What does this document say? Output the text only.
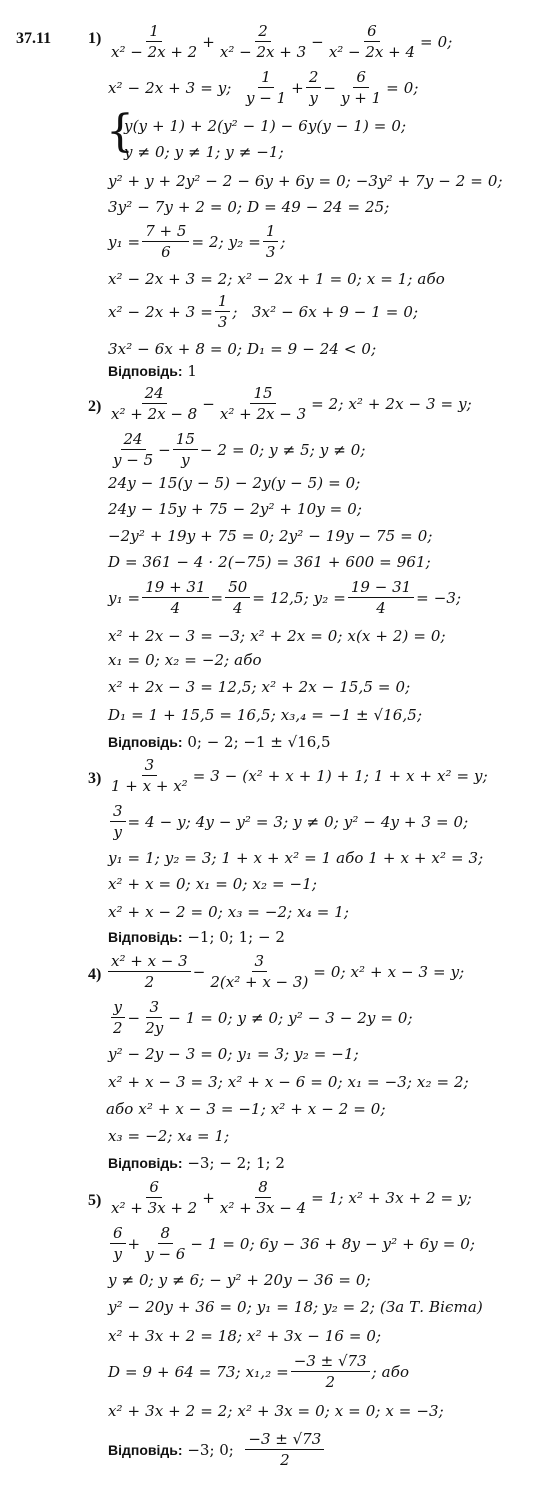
37.11 $1) \frac{1}{\text{x² − 2x + 2}} + \frac{2}{\text{x² − 2x + 3}} - \frac{6}{\text{x² − 2x + 4}} = 0$;
x² − 2x + 3 = y;
$\frac{1}{y - 1} + \frac{2}{y} - \frac{6}{y + 1} = 0$;
{
y(y + 1) + 2(y² − 1) − 6y(y − 1) = 0;
y ≠ 0; y ≠ 1; y ≠ −1;
y² + y + 2y² − 2 − 6y + 6y = 0; −3y² + 7y − 2 = 0;
3y² − 7y + 2 = 0; D = 49 − 24 = 25;
$y_1 = \frac{7 + 5}{6} = 2$; $y_2 = \frac{1}{3}$ ;
x² − 2x + 3 = 2; x² − 2x + 1 = 0; x = 1; або
$x^2 - 2x + 3 = \frac{1}{3}$ ;
3x² − 6x + 9 − 1 = 0;
3x² − 6x + 8 = 0; D₁ = 9 − 24 < 0;
Відповідь:
1
$2) \frac{24}{\text{x² + 2x − 8}} - \frac{15}{\text{x² + 2x − 3}} = 2$; x² + 2x − 3 = y;
$\frac{24}{y - 5} - \frac{15}{y} - 2 = 0$; y ≠ 5; y ≠ 0;
24y − 15(y − 5) − 2y(y − 5) = 0;
24y − 15y + 75 − 2y² + 10y = 0;
−2y² + 19y + 75 = 0; 2y² − 19y − 75 = 0;
D = 361 − 4 · 2(−75) = 361 + 600 = 961;
$y_1 = \frac{19 + 31}{4} = \frac{50}{4} = 12,5$; $y_2 = \frac{19 - 31}{4} = -3$;
x² + 2x − 3 = −3; x² + 2x = 0; x(x + 2) = 0;
x₁ = 0; x₂ = −2; або
x² + 2x − 3 = 12,5; x² + 2x − 15,5 = 0;
D₁ = 1 + 15,5 = 16,5; x₃,₄ = −1 ± √16,5;
Відповідь:
0; − 2; −1 ± √16,5
$3) \frac{3}{\text{1 + x + x²}} = 3 - (x^2 + x + 1) + 1$; 1 + x + x² = y;
$\frac{3}{y} = 4 - y$; 4y − y² = 3; y ≠ 0; y² − 4y + 3 = 0;
y₁ = 1; y₂ = 3; 1 + x + x² = 1 або 1 + x + x² = 3;
x² + x = 0; x₁ = 0; x₂ = −1;
x² + x − 2 = 0; x₃ = −2; x₄ = 1;
Відповідь:
−1; 0; 1; − 2
$4) \frac{\text{x² + x − 3}}{2} - \frac{3}{\text{2(x² + x − 3)}} = 0$; x² + x − 3 = y;
$\frac{y}{2} - \frac{3}{2y} - 1 = 0$; y ≠ 0; y² − 3 − 2y = 0;
y² − 2y − 3 = 0; y₁ = 3; y₂ = −1;
x² + x − 3 = 3; x² + x − 6 = 0; x₁ = −3; x₂ = 2;
або x² + x − 3 = −1; x² + x − 2 = 0;
x₃ = −2; x₄ = 1;
Відповідь:
−3; − 2; 1; 2
$5) \frac{6}{\text{x² + 3x + 2}} + \frac{8}{\text{x² + 3x − 4}} = 1$; x² + 3x + 2 = y;
$\frac{6}{y} + \frac{8}{y - 6} - 1 = 0$; 6y − 36 + 8y − y² + 6y = 0;
y ≠ 0; y ≠ 6; − y² + 20y − 36 = 0;
y² − 20y + 36 = 0; y₁ = 18; y₂ = 2; (За Т. Вієта)
x² + 3x + 2 = 18; x² + 3x − 16 = 0;
D = 9 + 64 = 73; $x_1,_2 = \frac{-3 \pm √73}{2}$ ; або
x² + 3x + 2 = 2; x² + 3x = 0; x = 0; x = −3;
Відповідь:
−3; 0;
$\frac{-3 \pm √73}{2}$
